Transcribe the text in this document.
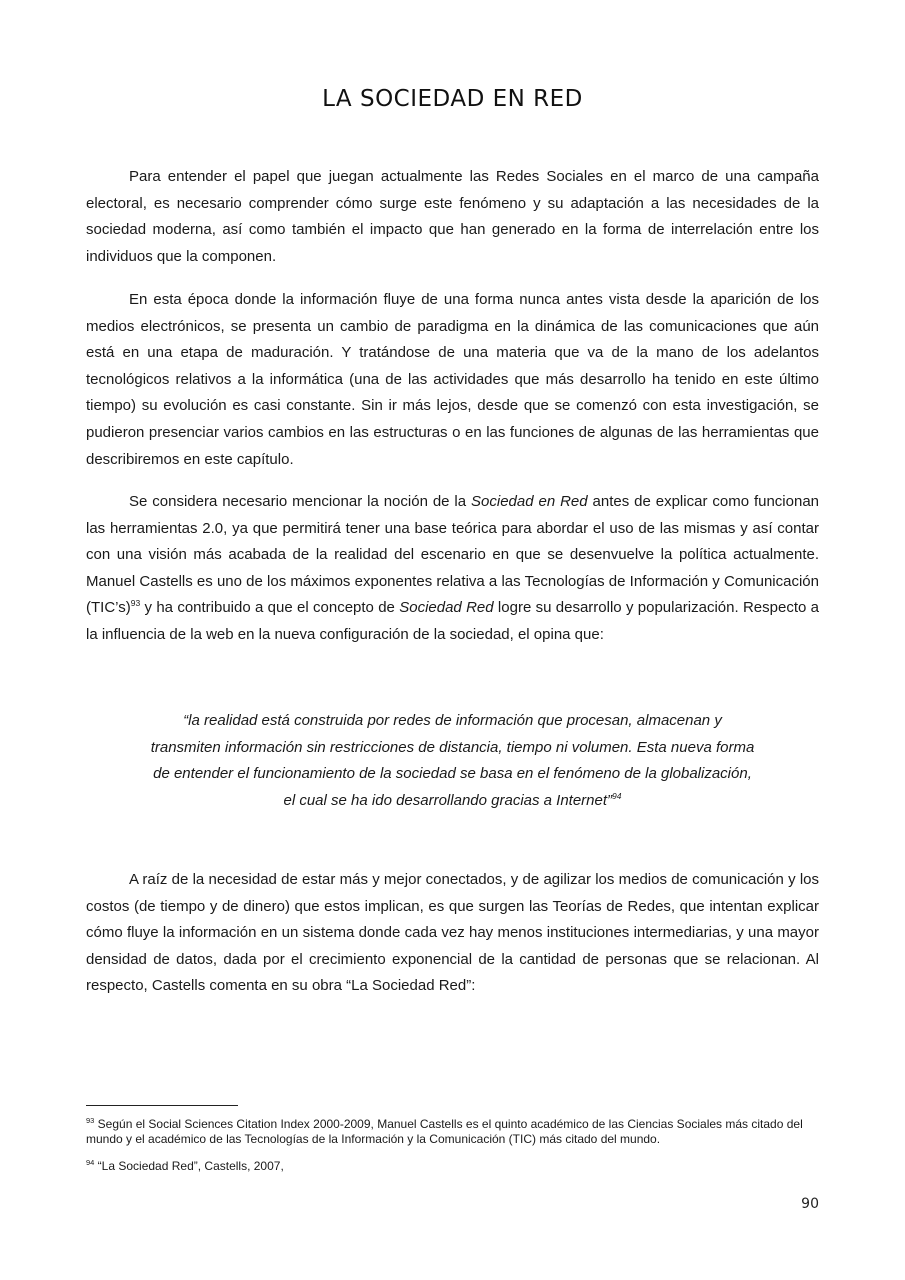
LA SOCIEDAD EN RED

Para entender el papel que juegan actualmente las Redes Sociales en el marco de una campaña electoral, es necesario comprender cómo surge este fenómeno y su adaptación a las necesidades de la sociedad moderna, así como también el impacto que han generado en la forma de interrelación entre los individuos que la componen.

En esta época donde la información fluye de una forma nunca antes vista desde la aparición de los medios electrónicos, se presenta un cambio de paradigma en la dinámica de las comunicaciones que aún está en una etapa de maduración. Y tratándose de una materia que va de la mano de los adelantos tecnológicos relativos a la informática (una de las actividades que más desarrollo ha tenido en este último tiempo) su evolución es casi constante. Sin ir más lejos, desde que se comenzó con esta investigación, se pudieron presenciar varios cambios en las estructuras o en las funciones de algunas de las herramientas que describiremos en este capítulo.

Se considera necesario mencionar la noción de la Sociedad en Red antes de explicar como funcionan las herramientas 2.0, ya que permitirá tener una base teórica para abordar el uso de las mismas y así contar con una visión más acabada de la realidad del escenario en que se desenvuelve la política actualmente. Manuel Castells es uno de los máximos exponentes relativa a las Tecnologías de Información y Comunicación (TIC’s)$^{93}$ y ha contribuido a que el concepto de Sociedad Red logre su desarrollo y popularización. Respecto a la influencia de la web en la nueva configuración de la sociedad, el opina que:

“la realidad está construida por redes de información que procesan, almacenan y transmiten información sin restricciones de distancia, tiempo ni volumen. Esta nueva forma de entender el funcionamiento de la sociedad se basa en el fenómeno de la globalización, el cual se ha ido desarrollando gracias a Internet”$^{94}$

A raíz de la necesidad de estar más y mejor conectados, y de agilizar los medios de comunicación y los costos (de tiempo y de dinero) que estos implican, es que surgen las Teorías de Redes, que intentan explicar cómo fluye la información en un sistema donde cada vez hay menos instituciones intermediarias, y una mayor densidad de datos, dada por el crecimiento exponencial de la cantidad de personas que se relacionan. Al respecto, Castells comenta en su obra “La Sociedad Red”:

$^{93}$ Según el Social Sciences Citation Index 2000-2009, Manuel Castells es el quinto académico de las Ciencias Sociales más citado del mundo y el académico de las Tecnologías de la Información y la Comunicación (TIC) más citado del mundo.

$^{94}$ “La Sociedad Red”, Castells, 2007,

90
